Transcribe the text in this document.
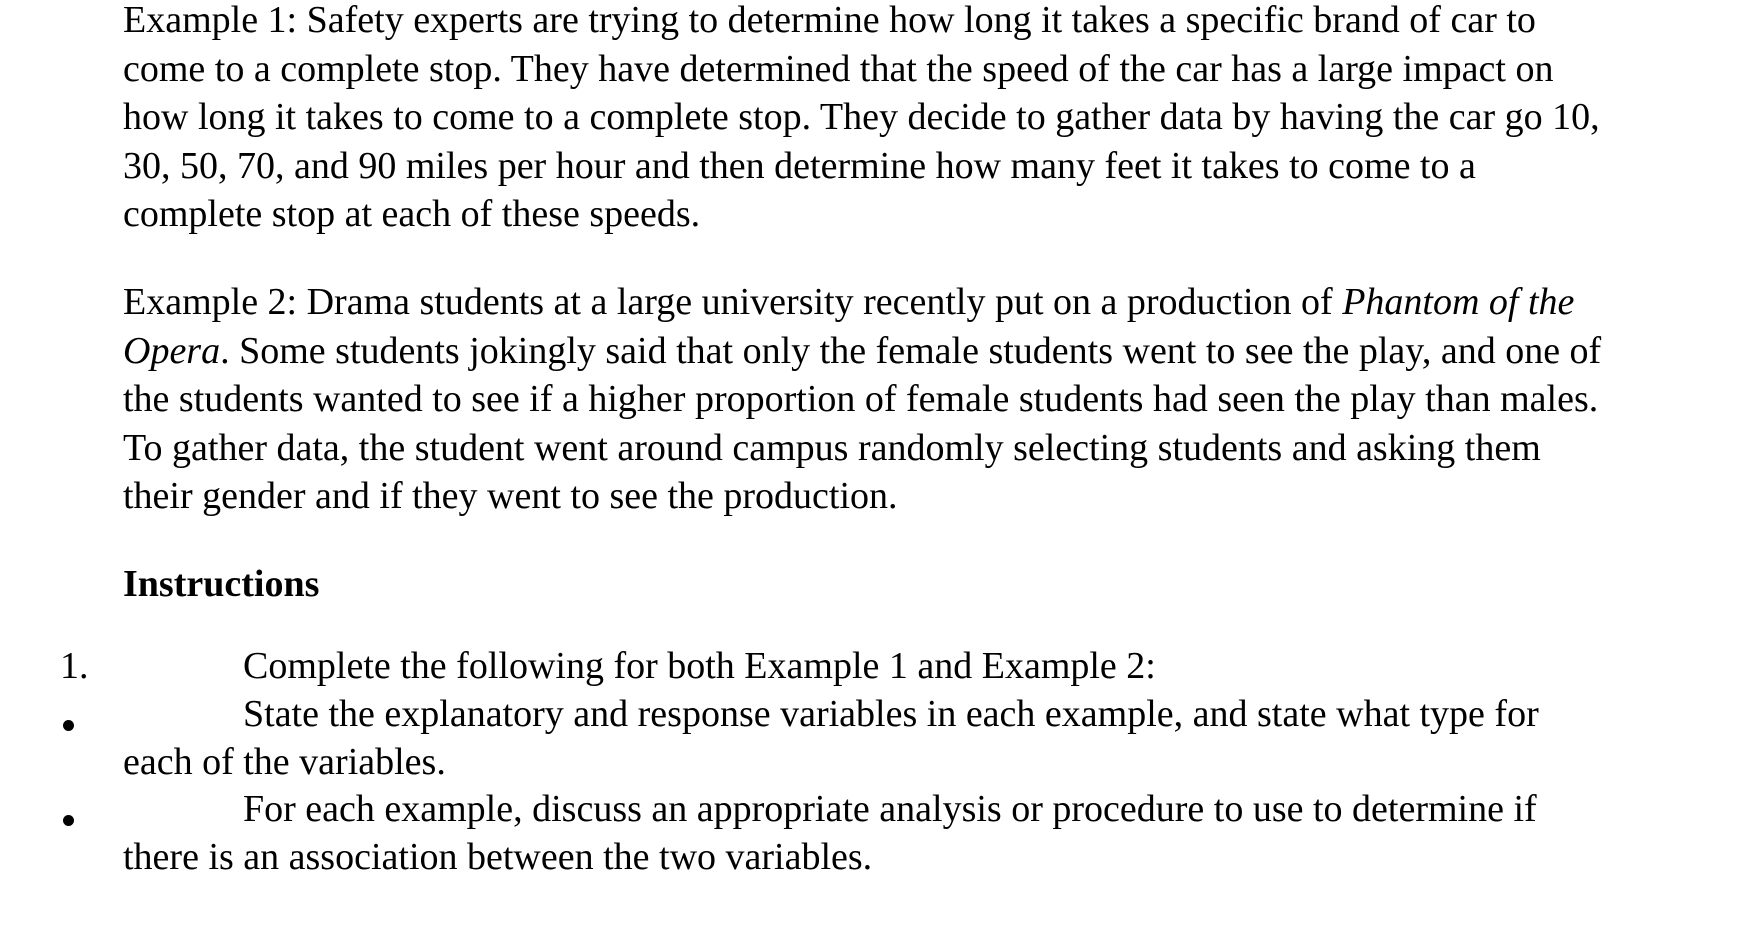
Example 1: Safety experts are trying to determine how long it takes a specific brand of car to
come to a complete stop. They have determined that the speed of the car has a large impact on
how long it takes to come to a complete stop. They decide to gather data by having the car go 10,
30, 50, 70, and 90 miles per hour and then determine how many feet it takes to come to a
complete stop at each of these speeds.

Example 2: Drama students at a large university recently put on a production of Phantom of the
Opera. Some students jokingly said that only the female students went to see the play, and one of
the students wanted to see if a higher proportion of female students had seen the play than males.
To gather data, the student went around campus randomly selecting students and asking them
their gender and if they went to see the production.

Instructions
1.	Complete the following for both Example 1 and Example 2:
State the explanatory and response variables in each example, and state what type for
each of the variables.
For each example, discuss an appropriate analysis or procedure to use to determine if
there is an association between the two variables.
